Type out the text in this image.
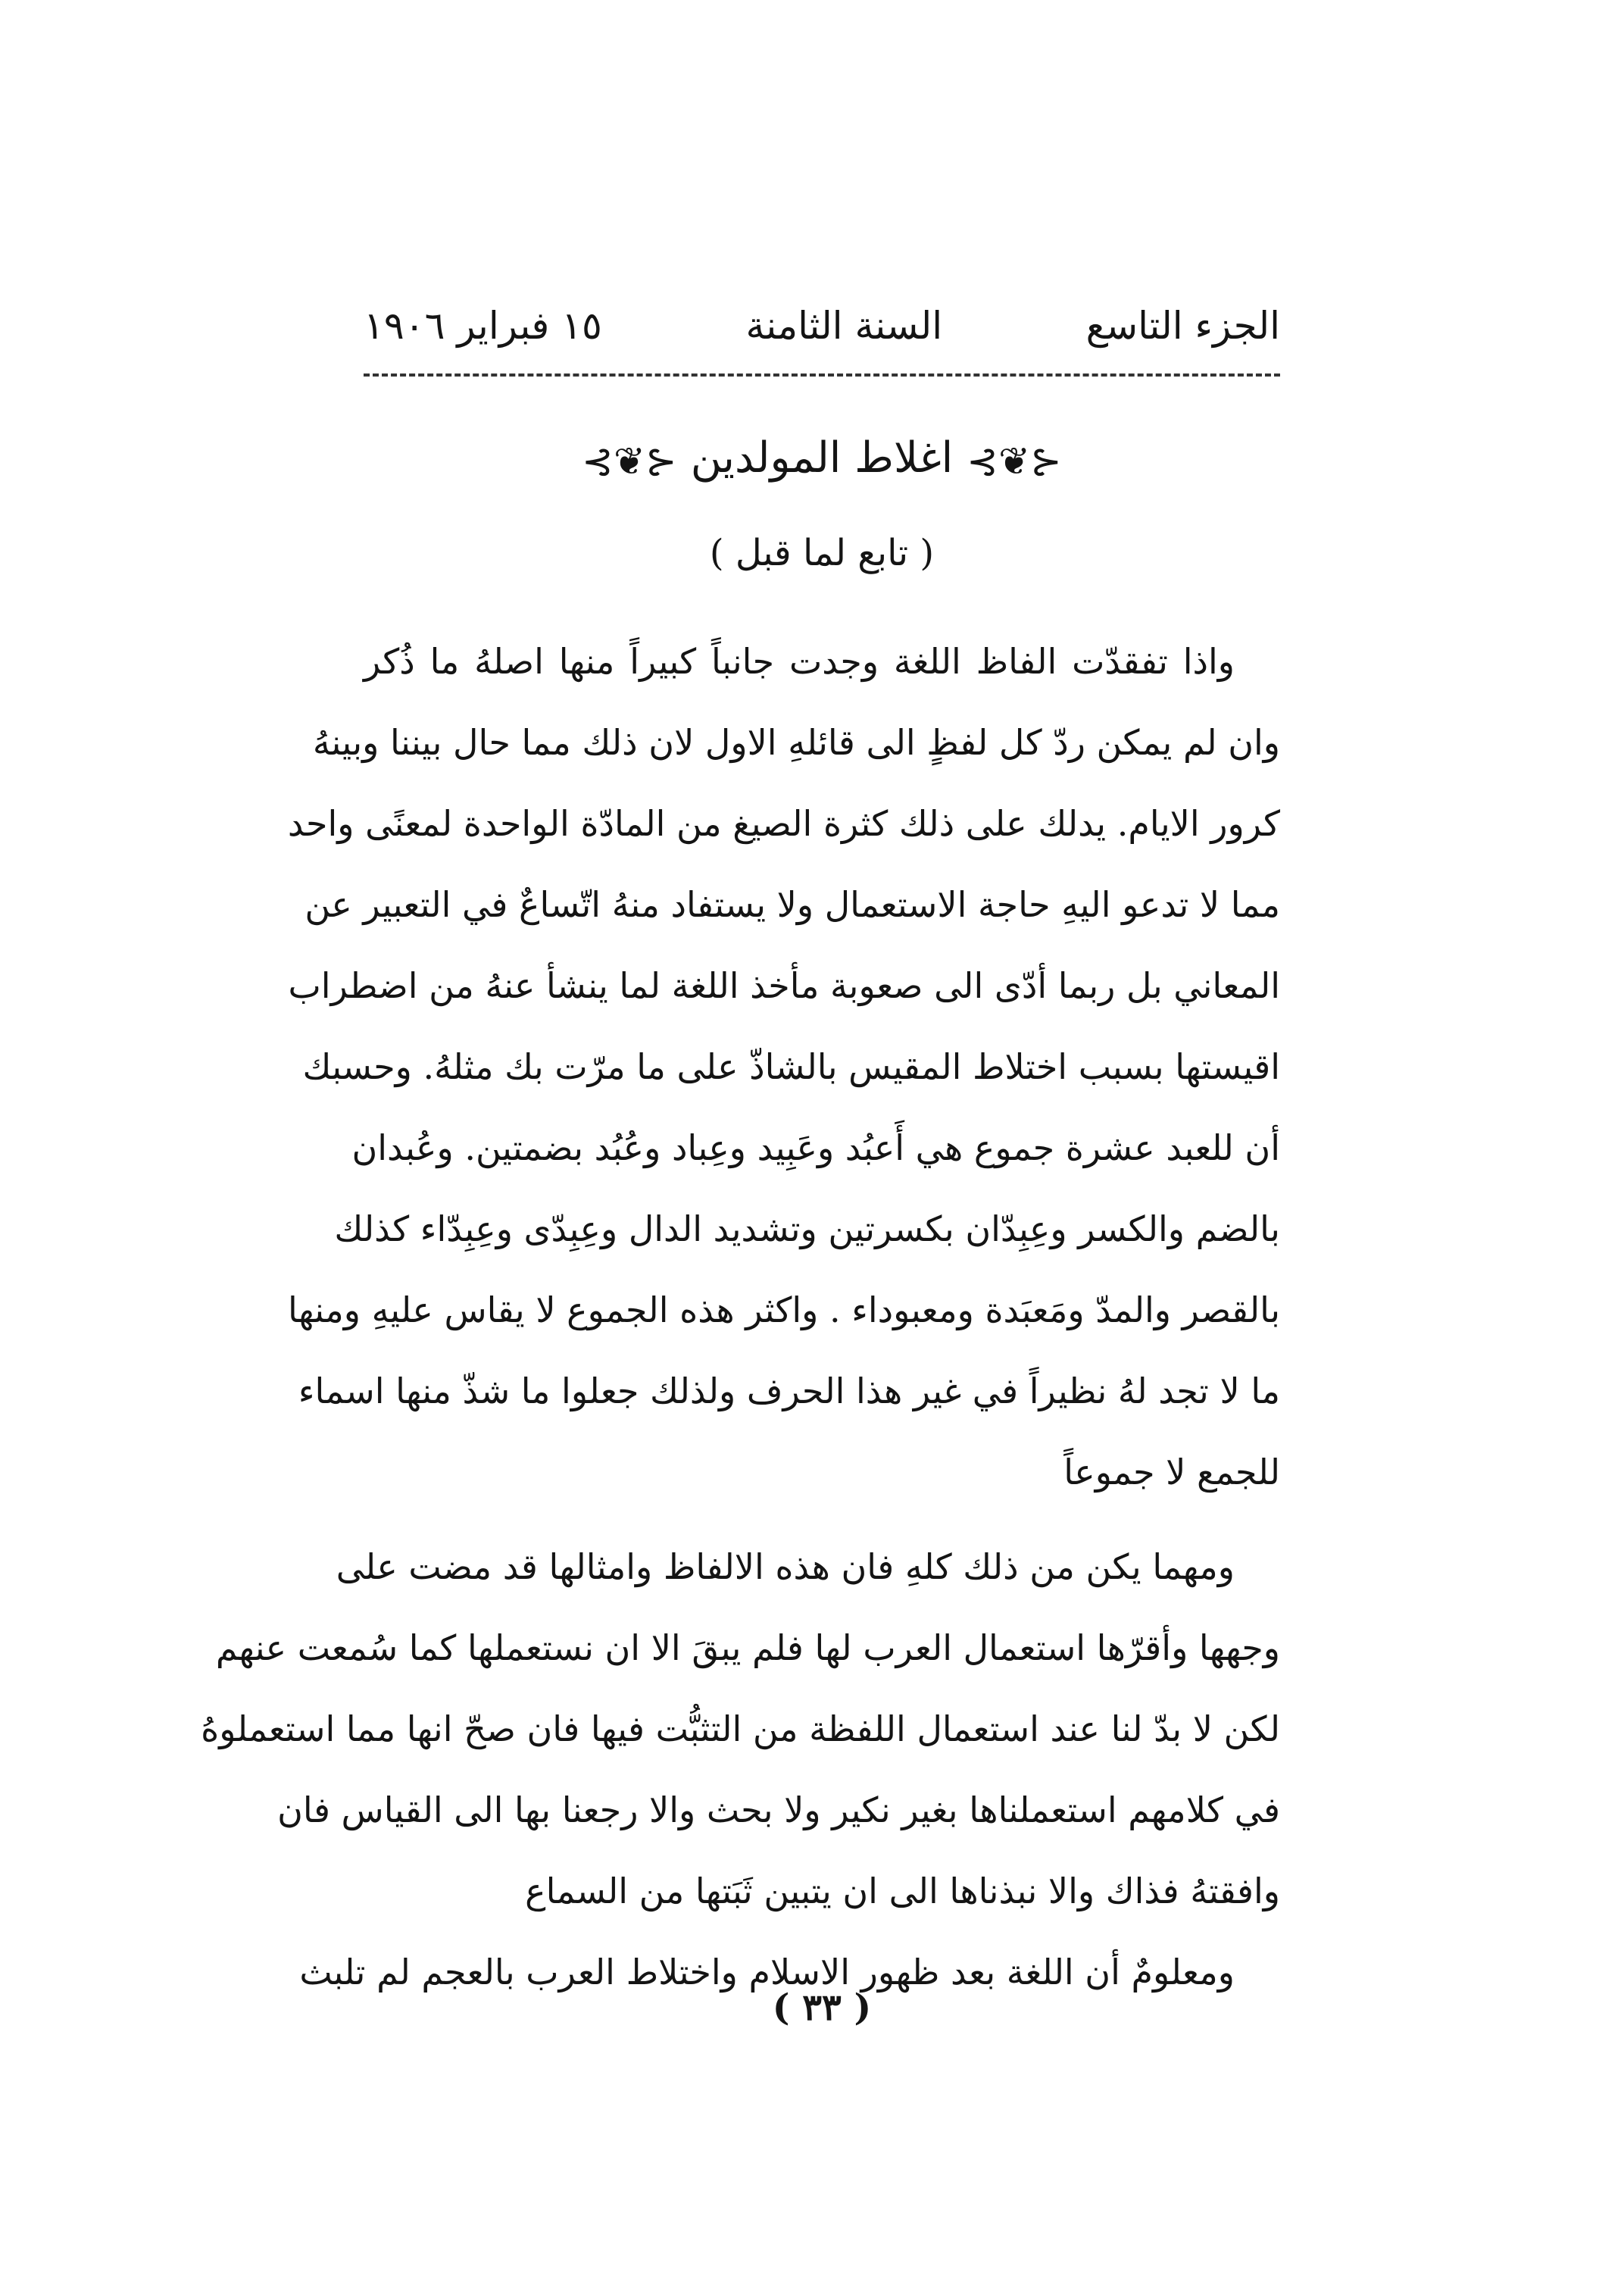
الجزء التاسع
السنة الثامنة
١٥ فبراير ١٩٠٦
⊰❦⊱اغلاط المولدين⊰❦⊱
( تابع لما قبل )
واذا تفقدّت الفاظ اللغة وجدت جانباً كبيراً منها اصلهُ ما ذُكر
وان لم يمكن ردّ كل لفظٍ الى قائلهِ الاول لان ذلك مما حال بيننا وبينهُ
كرور الايام. يدلك على ذلك كثرة الصيغ من المادّة الواحدة لمعنًى واحد
مما لا تدعو اليهِ حاجة الاستعمال ولا يستفاد منهُ اتّساعٌ في التعبير عن
المعاني بل ربما أدّى الى صعوبة مأخذ اللغة لما ينشأ عنهُ من اضطراب
اقيستها بسبب اختلاط المقيس بالشاذّ على ما مرّت بك مثلهُ. وحسبك
أن للعبد عشرة جموع هي أَعبُد وعَبِيد وعِباد وعُبُد بضمتين. وعُبدان
بالضم والكسر وعِبِدّان بكسرتين وتشديد الدال وعِبِدّى وعِبِدّاء كذلك
بالقصر والمدّ ومَعبَدة ومعبوداء . واكثر هذه الجموع لا يقاس عليهِ ومنها
ما لا تجد لهُ نظيراً في غير هذا الحرف ولذلك جعلوا ما شذّ منها اسماء
للجمع لا جموعاً
ومهما يكن من ذلك كلهِ فان هذه الالفاظ وامثالها قد مضت على
وجهها وأقرّها استعمال العرب لها فلم يبقَ الا ان نستعملها كما سُمعت عنهم
لكن لا بدّ لنا عند استعمال اللفظة من التثبُّت فيها فان صحّ انها مما استعملوهُ
في كلامهم استعملناها بغير نكير ولا بحث والا رجعنا بها الى القياس فان
وافقتهُ فذاك والا نبذناها الى ان يتبين ثَبَتها من السماع
ومعلومٌ أن اللغة بعد ظهور الاسلام واختلاط العرب بالعجم لم تلبث
( ٣٣ )
